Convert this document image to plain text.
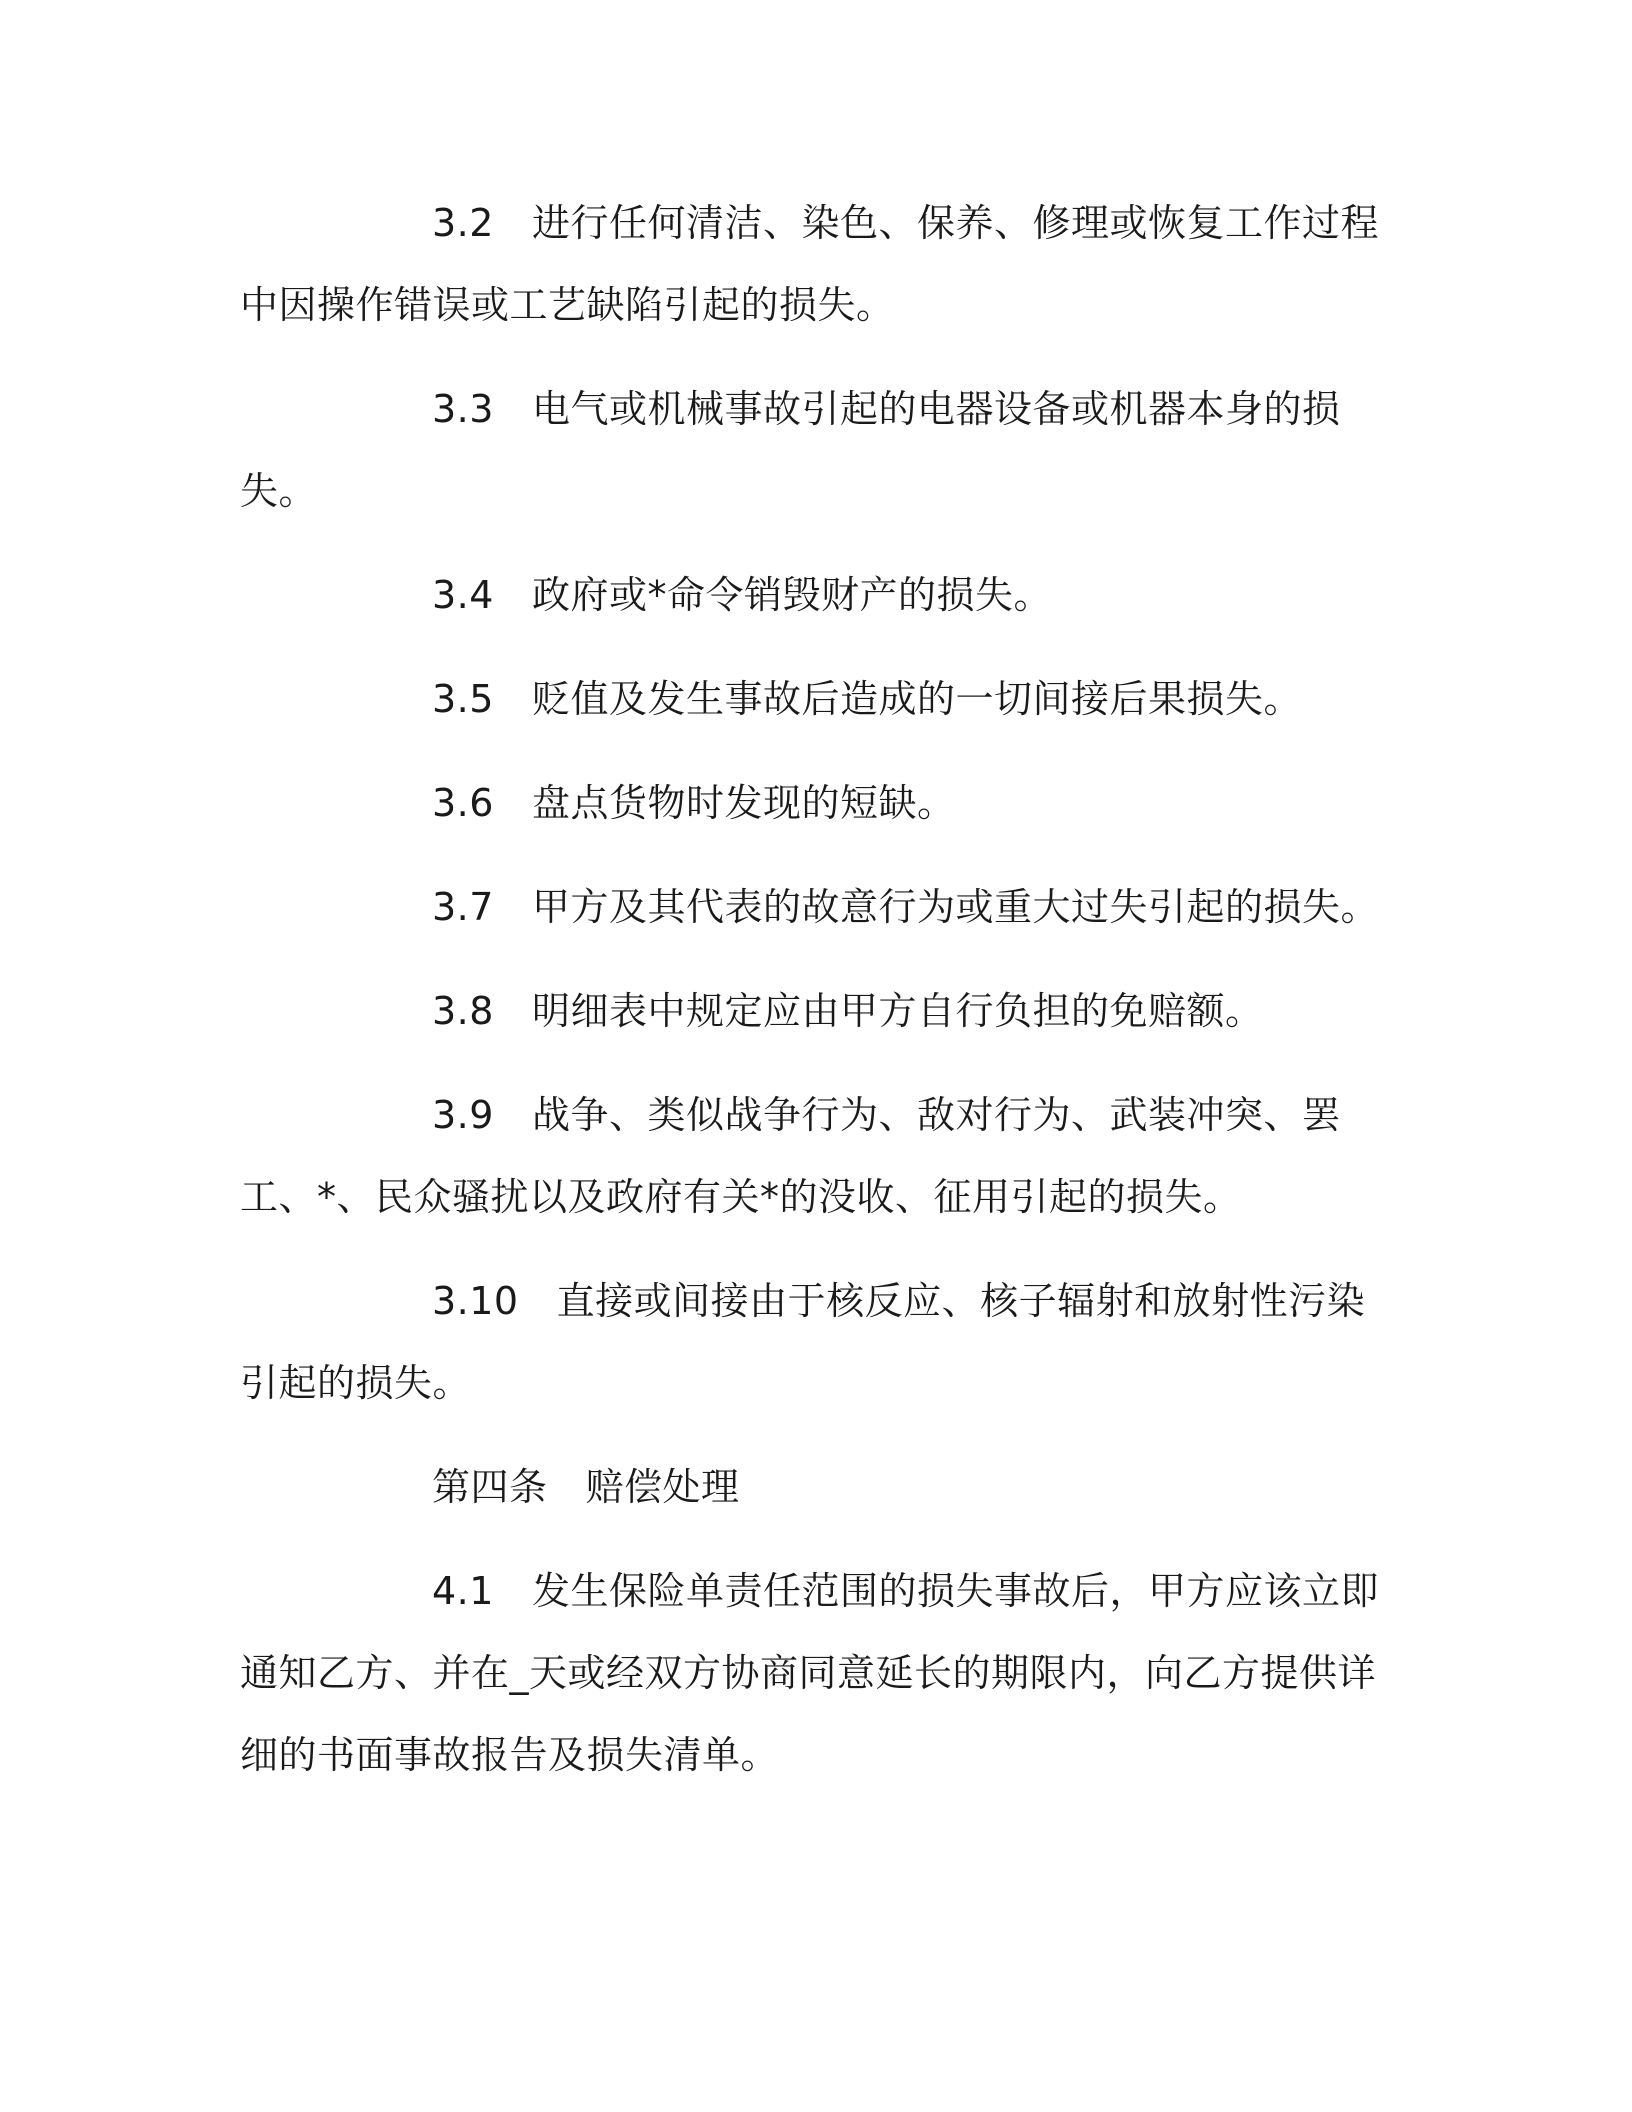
3.2 进行任何清洁、染色、保养、修理或恢复工作过程中因操作错误或工艺缺陷引起的损失。

3.3 电气或机械事故引起的电器设备或机器本身的损失。

3.4 政府或*命令销毁财产的损失。

3.5 贬值及发生事故后造成的一切间接后果损失。

3.6 盘点货物时发现的短缺。

3.7 甲方及其代表的故意行为或重大过失引起的损失。

3.8 明细表中规定应由甲方自行负担的免赔额。

3.9 战争、类似战争行为、敌对行为、武装冲突、罢工、*、民众骚扰以及政府有关*的没收、征用引起的损失。

3.10 直接或间接由于核反应、核子辐射和放射性污染引起的损失。

第四条 赔偿处理

4.1 发生保险单责任范围的损失事故后，甲方应该立即通知乙方、并在_天或经双方协商同意延长的期限内，向乙方提供详细的书面事故报告及损失清单。
